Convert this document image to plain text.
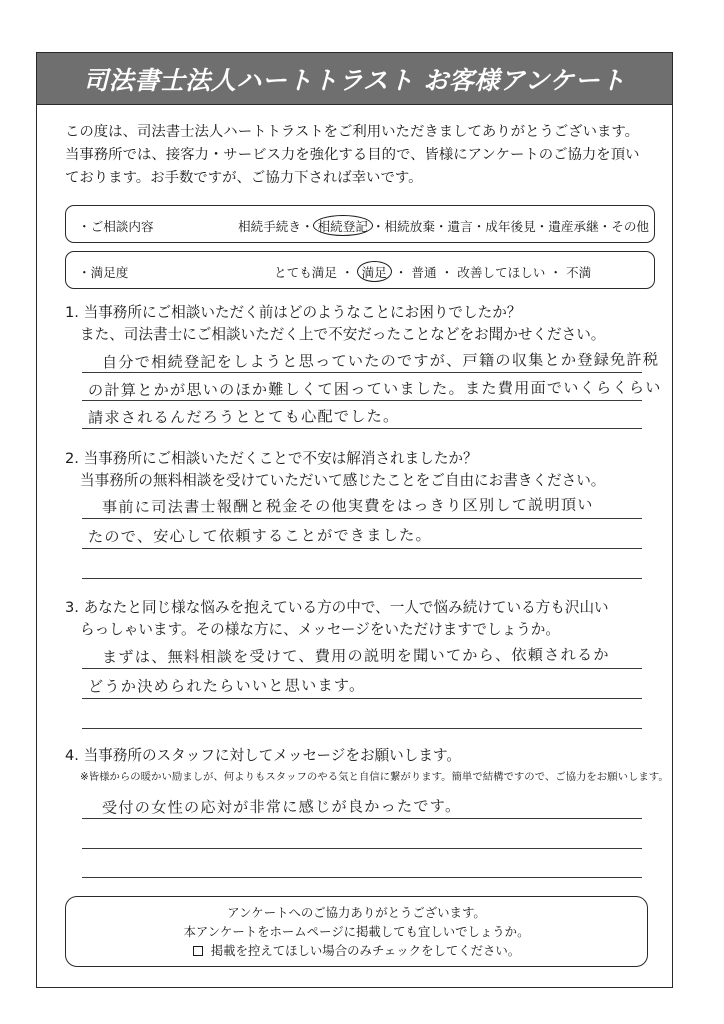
司法書士法人ハートトラスト お客様アンケート
この度は、司法書士法人ハートトラストをご利用いただきましてありがとうございます。
当事務所では、接客力・サービス力を強化する目的で、皆様にアンケートのご協力を頂い
ております。お手数ですが、ご協力下されば幸いです。
・ご相談内容	相続手続き・ 相続登記 ・相続放棄・遺言・成年後見・遺産承継・その他
・満足度	とても満足 ・ 満足 ・ 普通 ・ 改善してほしい ・ 不満
1. 当事務所にご相談いただく前はどのようなことにお困りでしたか？
また、司法書士にご相談いただく上で不安だったことなどをお聞かせください。
自分で相続登記をしようと思っていたのですが、戸籍の収集とか登録免許税
の計算とかが思いのほか難しくて困っていました。また費用面でいくらくらい
請求されるんだろうととても心配でした。
2. 当事務所にご相談いただくことで不安は解消されましたか？
当事務所の無料相談を受けていただいて感じたことをご自由にお書きください。
事前に司法書士報酬と税金その他実費をはっきり区別して説明頂い
たので、安心して依頼することができました。
3. あなたと同じ様な悩みを抱えている方の中で、一人で悩み続けている方も沢山い
らっしゃいます。その様な方に、メッセージをいただけますでしょうか。
まずは、無料相談を受けて、費用の説明を聞いてから、依頼されるか
どうか決められたらいいと思います。
4. 当事務所のスタッフに対してメッセージをお願いします。
※皆様からの暖かい励ましが、何よりもスタッフのやる気と自信に繋がります。簡単で結構ですので、ご協力をお願いします。
受付の女性の応対が非常に感じが良かったです。
アンケートへのご協力ありがとうございます。
本アンケートをホームページに掲載しても宜しいでしょうか。
掲載を控えてほしい場合のみチェックをしてください。
